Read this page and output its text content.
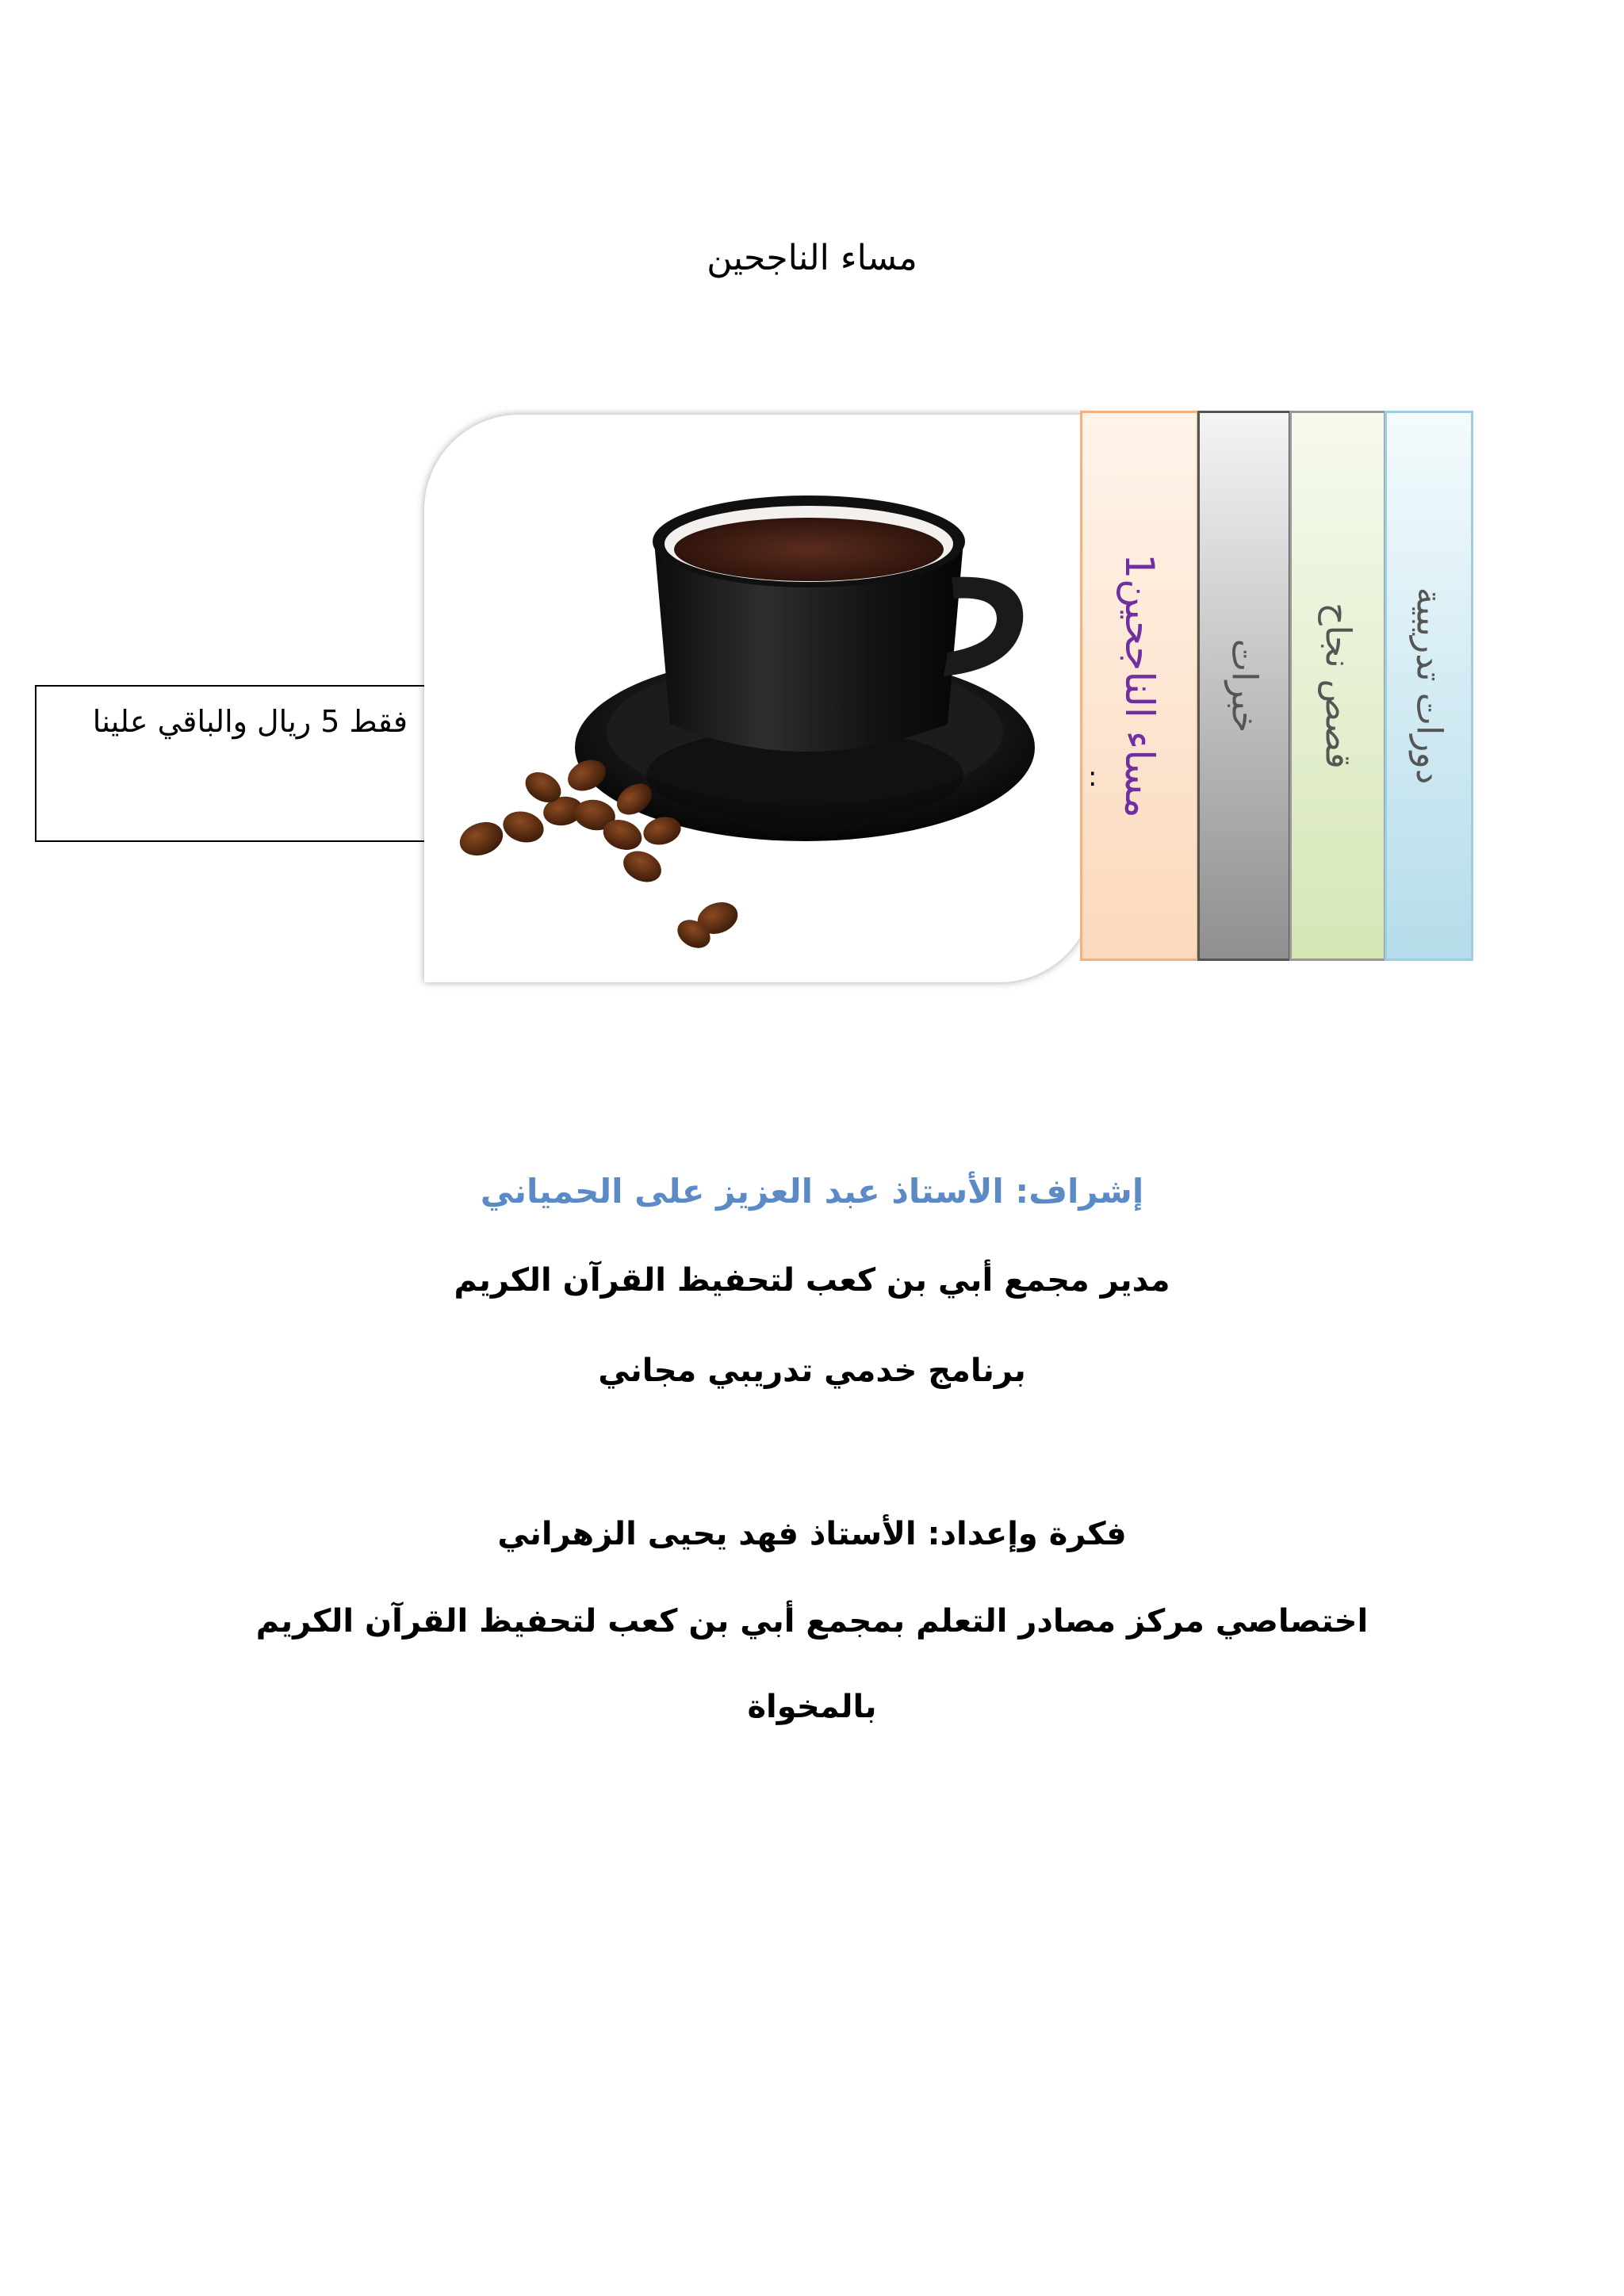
مساء الناجحين
فقط 5 ريال والباقي علينا
مساء الناجحين1
:
خبرات قصص نجاح دورات تدريبية
إشراف: الأستاذ عبد العزيز على الحمياني
مدير مجمع أبي بن كعب لتحفيظ القرآن الكريم
برنامج خدمي تدريبي مجاني
فكرة وإعداد: الأستاذ فهد يحيى الزهراني
اختصاصي مركز مصادر التعلم بمجمع أبي بن كعب لتحفيظ القرآن الكريم
بالمخواة
